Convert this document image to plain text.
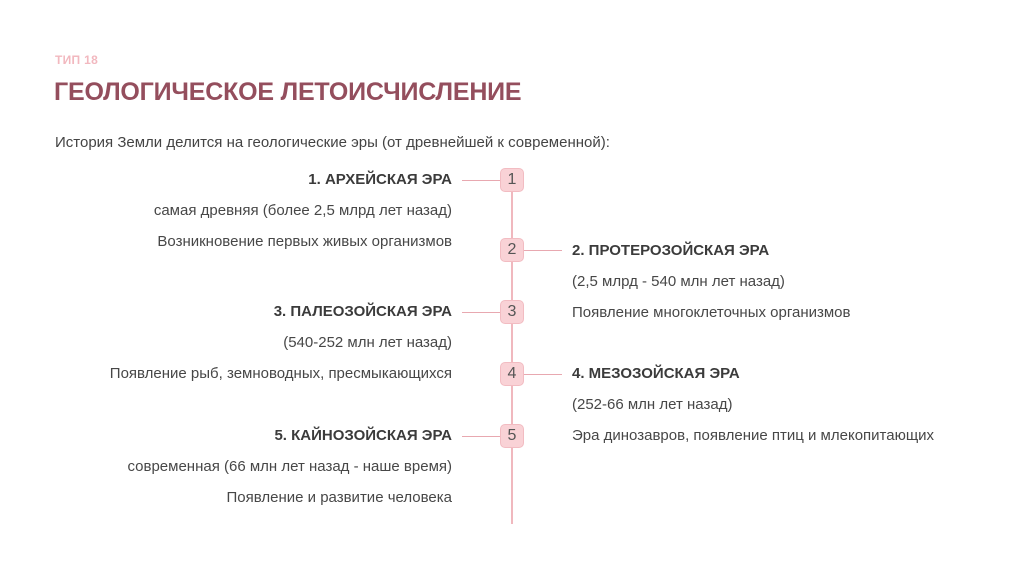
ТИП 18
ГЕОЛОГИЧЕСКОЕ ЛЕТОИСЧИСЛЕНИЕ
История Земли делится на геологические эры (от древнейшей к современной):
1
1. АРХЕЙСКАЯ ЭРА
самая древняя (более 2,5 млрд лет назад)
Возникновение первых живых организмов	2	2. ПРОТЕРОЗОЙСКАЯ ЭРА
(2,5 млрд - 540 млн лет назад)
Появление многоклеточных организмов
3
3. ПАЛЕОЗОЙСКАЯ ЭРА
(540-252 млн лет назад)
Появление рыб, земноводных, пресмыкающихся	4	4. МЕЗОЗОЙСКАЯ ЭРА
(252-66 млн лет назад)
Эра динозавров, появление птиц и млекопитающих
5
5. КАЙНОЗОЙСКАЯ ЭРА
современная (66 млн лет назад - наше время)
Появление и развитие человека
